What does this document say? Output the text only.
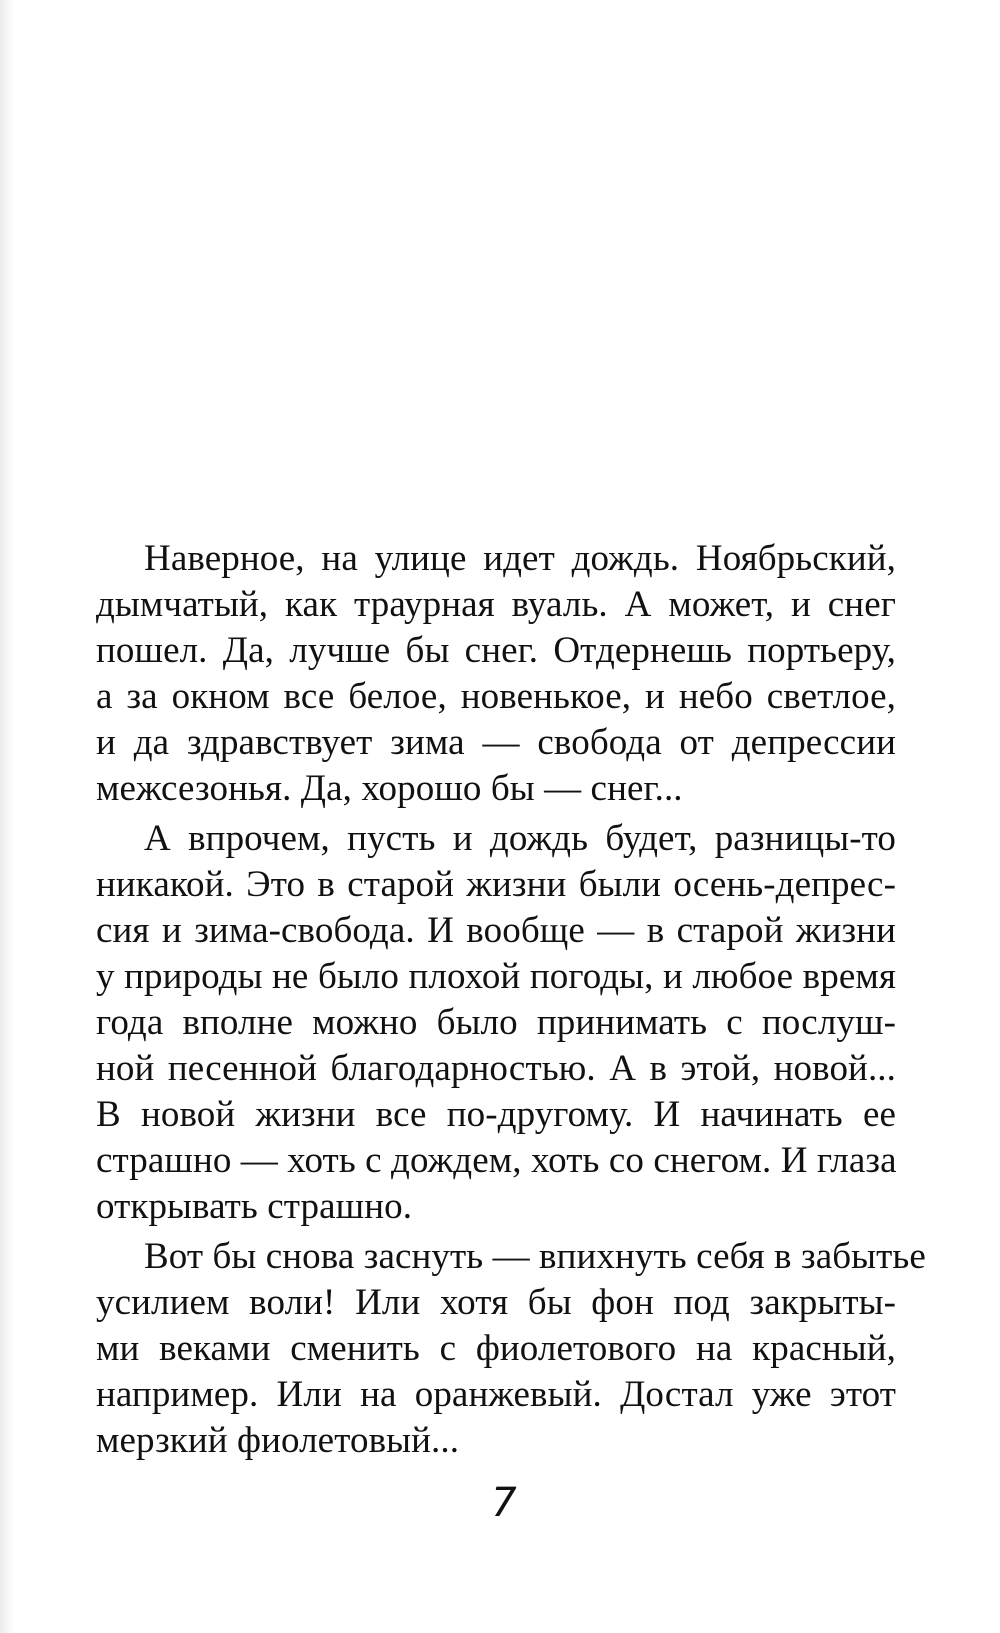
Наверное, на улице идет дождь. Ноябрьский,
дымчатый, как траурная вуаль. А может, и снег
пошел. Да, лучше бы снег. Отдернешь портьеру,
а за окном все белое, новенькое, и небо светлое,
и да здравствует зима — свобода от депрессии
межсезонья. Да, хорошо бы — снег...
А впрочем, пусть и дождь будет, разницы-то
никакой. Это в старой жизни были осень-депрес-
сия и зима-свобода. И вообще — в старой жизни
у природы не было плохой погоды, и любое время
года вполне можно было принимать с послуш-
ной песенной благодарностью. А в этой, новой...
В новой жизни все по-другому. И начинать ее
страшно — хоть с дождем, хоть со снегом. И глаза
открывать страшно.
Вот бы снова заснуть — впихнуть себя в забытье
усилием воли! Или хотя бы фон под закрыты-
ми веками сменить с фиолетового на красный,
например. Или на оранжевый. Достал уже этот
мерзкий фиолетовый...
7
